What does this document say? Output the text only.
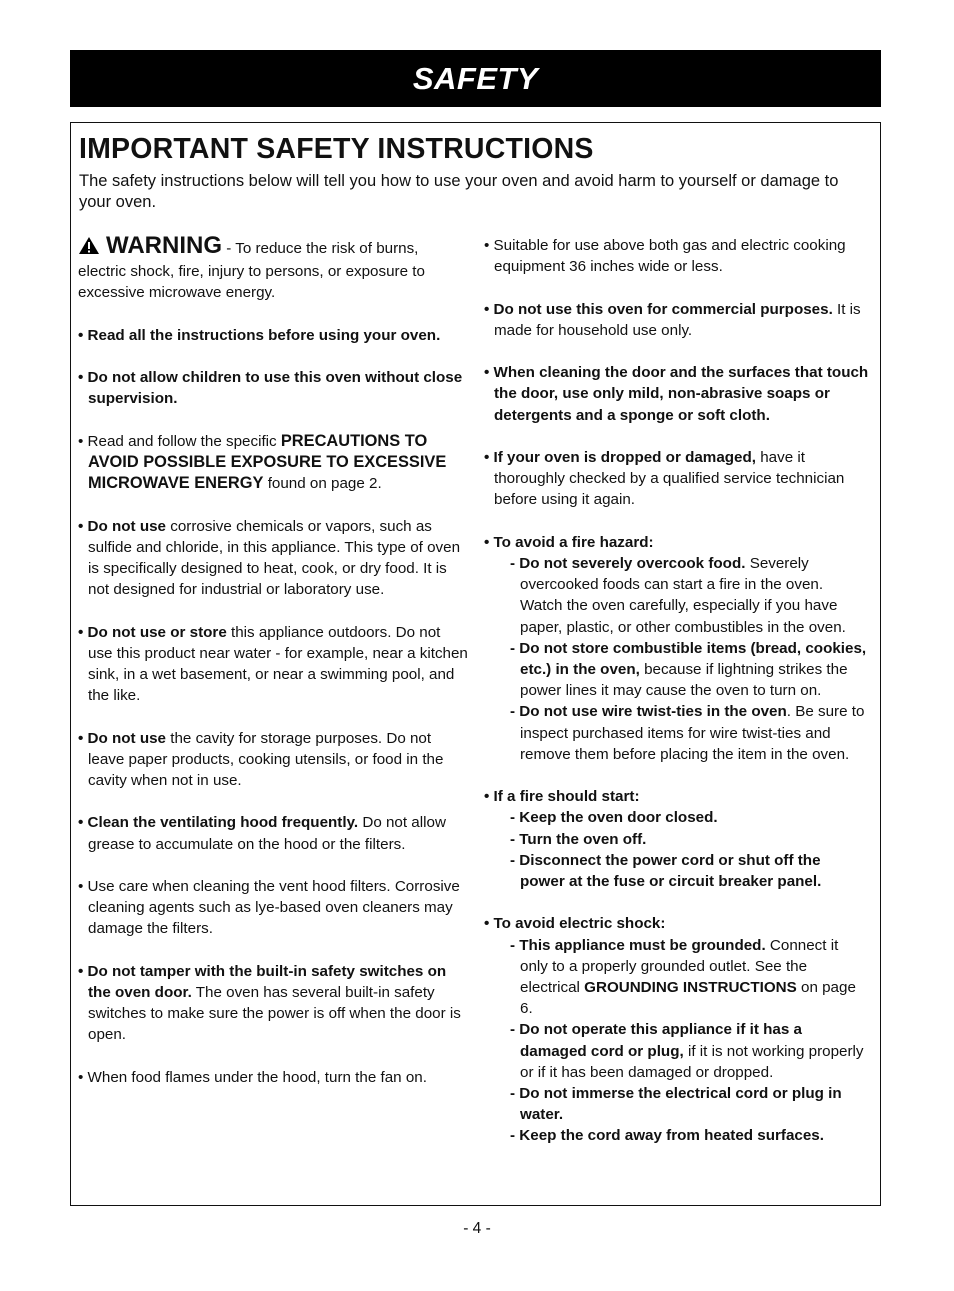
SAFETY
IMPORTANT SAFETY INSTRUCTIONS

The safety instructions below will tell you how to use your oven and avoid harm to yourself or damage to your oven.

WARNING - To reduce the risk of burns, electric shock, fire, injury to persons, or exposure to excessive microwave energy.

• Read all the instructions before using your oven.

• Do not allow children to use this oven without close supervision.

• Read and follow the specific PRECAUTIONS TO AVOID POSSIBLE EXPOSURE TO EXCESSIVE MICROWAVE ENERGY found on page 2.

• Do not use corrosive chemicals or vapors, such as sulfide and chloride, in this appliance. This type of oven is specifically designed to heat, cook, or dry food. It is not designed for industrial or laboratory use.

• Do not use or store this appliance outdoors. Do not use this product near water - for example, near a kitchen sink, in a wet basement, or near a swimming pool, and the like.

• Do not use the cavity for storage purposes. Do not leave paper products, cooking utensils, or food in the cavity when not in use.

• Clean the ventilating hood frequently. Do not allow grease to accumulate on the hood or the filters.

• Use care when cleaning the vent hood filters. Corrosive cleaning agents such as lye-based oven cleaners may damage the filters.

• Do not tamper with the built-in safety switches on the oven door. The oven has several built-in safety switches to make sure the power is off when the door is open.

• When food flames under the hood, turn the fan on.

• Suitable for use above both gas and electric cooking equipment 36 inches wide or less.

• Do not use this oven for commercial purposes. It is made for household use only.

• When cleaning the door and the surfaces that touch the door, use only mild, non-abrasive soaps or detergents and a sponge or soft cloth.

• If your oven is dropped or damaged, have it thoroughly checked by a qualified service technician before using it again.

• To avoid a fire hazard:

- Do not severely overcook food. Severely overcooked foods can start a fire in the oven. Watch the oven carefully, especially if you have paper, plastic, or other combustibles in the oven.

- Do not store combustible items (bread, cookies, etc.) in the oven, because if lightning strikes the power lines it may cause the oven to turn on.

- Do not use wire twist-ties in the oven. Be sure to inspect purchased items for wire twist-ties and remove them before placing the item in the oven.

• If a fire should start:

- Keep the oven door closed.

- Turn the oven off.

- Disconnect the power cord or shut off the power at the fuse or circuit breaker panel.

• To avoid electric shock:

- This appliance must be grounded. Connect it only to a properly grounded outlet. See the electrical GROUNDING INSTRUCTIONS on page 6.

- Do not operate this appliance if it has a damaged cord or plug, if it is not working properly or if it has been damaged or dropped.

- Do not immerse the electrical cord or plug in water.

- Keep the cord away from heated surfaces.

- 4 -
